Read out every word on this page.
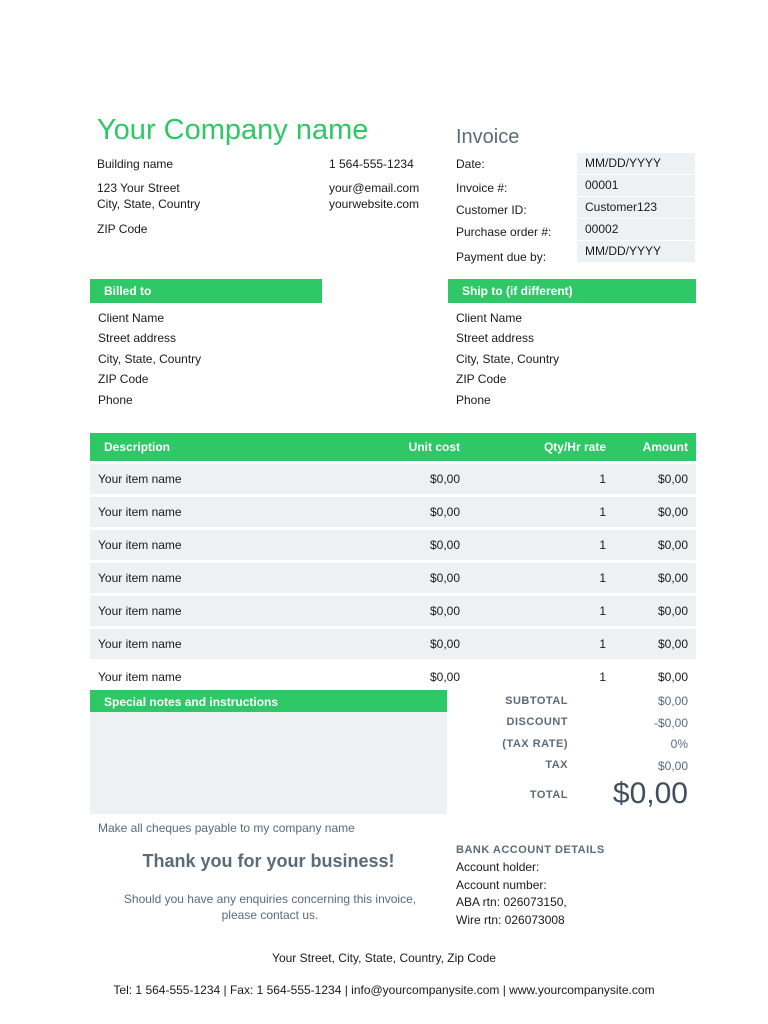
Your Company name
Building name
123 Your Street
City, State, Country
ZIP Code
1 564-555-1234
your@email.com
yourwebsite.com
Invoice
Date:	MM/DD/YYYY
Invoice #:	00001
Customer ID:	Customer123
Purchase order #:	00002
Payment due by:	MM/DD/YYYY
Billed to	Ship to (if different)
Client Name
Street address
City, State, Country
ZIP Code
Phone
Client Name
Street address
City, State, Country
ZIP Code
Phone
Description	Unit cost	Qty/Hr rate	Amount
Your item name	$0,00	1	$0,00
Your item name	$0,00	1	$0,00
Your item name	$0,00	1	$0,00
Your item name	$0,00	1	$0,00
Your item name	$0,00	1	$0,00
Your item name	$0,00	1	$0,00
Your item name	$0,00	1	$0,00
Special notes and instructions
Make all cheques payable to my company name
SUBTOTAL	$0,00
DISCOUNT	-$0,00
(TAX RATE)	0%
TAX	$0,00
TOTAL	$0,00
Thank you for your business!
Should you have any enquiries concerning this invoice,
please contact us.
BANK ACCOUNT DETAILS
Account holder:
Account number:
ABA rtn: 026073150,
Wire rtn: 026073008
Your Street, City, State, Country, Zip Code
Tel: 1 564-555-1234 | Fax: 1 564-555-1234 | info@yourcompanysite.com | www.yourcompanysite.com
